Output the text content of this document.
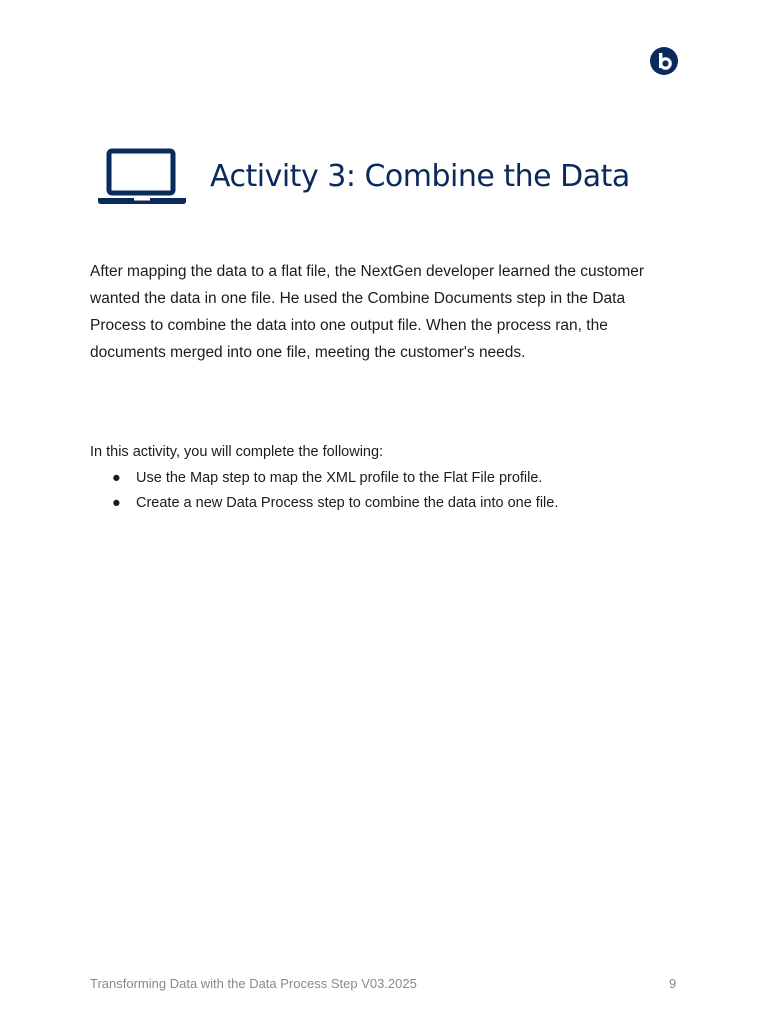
Activity 3: Combine the Data

After mapping the data to a flat file, the NextGen developer learned the customer wanted the data in one file. He used the Combine Documents step in the Data Process to combine the data into one output file. When the process ran, the documents merged into one file, meeting the customer's needs.

In this activity, you will complete the following:

●	Use the Map step to map the XML profile to the Flat File profile.
●	Create a new Data Process step to combine the data into one file.
Transforming Data with the Data Process Step V03.2025	9
